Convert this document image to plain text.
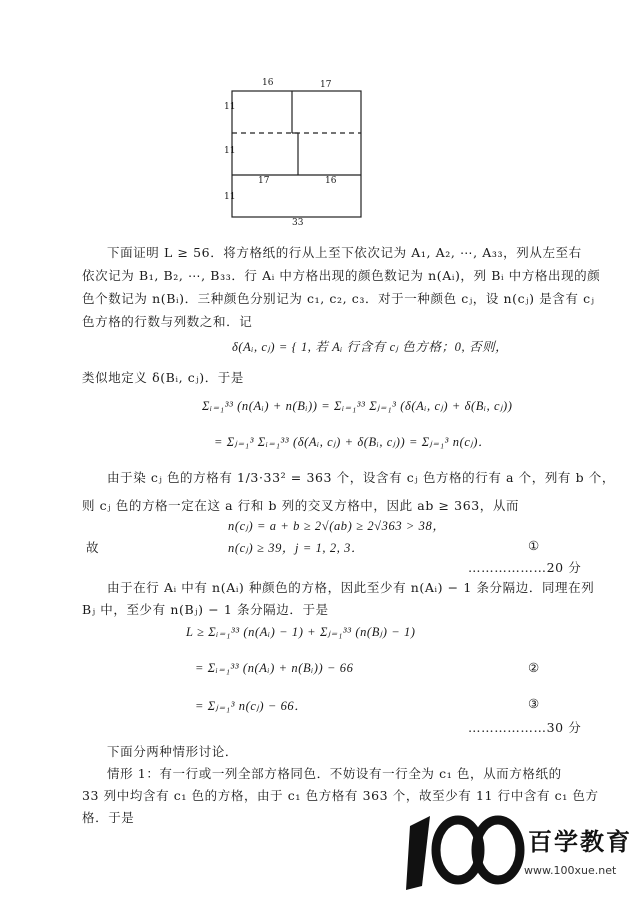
16	17
11
11
11
17	16
33
下面证明 L ≥ 56．将方格纸的行从上至下依次记为 A₁, A₂, ⋯, A₃₃，列从左至右
依次记为 B₁, B₂, ⋯, B₃₃．行 Aᵢ 中方格出现的颜色数记为 n(Aᵢ)，列 Bᵢ 中方格出现的颜
色个数记为 n(Bᵢ)．三种颜色分别记为 c₁, c₂, c₃．对于一种颜色 cⱼ，设 n(cⱼ) 是含有 cⱼ
色方格的行数与列数之和．记
δ(Aᵢ, cⱼ) = { 1, 若 Aᵢ 行含有 cⱼ 色方格；0, 否则，
类似地定义 δ(Bᵢ, cⱼ)．于是
Σᵢ₌₁³³ (n(Aᵢ) + n(Bᵢ)) = Σᵢ₌₁³³ Σⱼ₌₁³ (δ(Aᵢ, cⱼ) + δ(Bᵢ, cⱼ))
= Σⱼ₌₁³ Σᵢ₌₁³³ (δ(Aᵢ, cⱼ) + δ(Bᵢ, cⱼ)) = Σⱼ₌₁³ n(cⱼ)．
由于染 cⱼ 色的方格有 1/3·33² = 363 个，设含有 cⱼ 色方格的行有 a 个，列有 b 个，
则 cⱼ 色的方格一定在这 a 行和 b 列的交叉方格中，因此 ab ≥ 363，从而
n(cⱼ) = a + b ≥ 2√(ab) ≥ 2√363 > 38，
故	n(cⱼ) ≥ 39，j = 1, 2, 3．	①
………………20 分
由于在行 Aᵢ 中有 n(Aᵢ) 种颜色的方格，因此至少有 n(Aᵢ) − 1 条分隔边．同理在列
Bⱼ 中，至少有 n(Bⱼ) − 1 条分隔边．于是
L ≥ Σᵢ₌₁³³ (n(Aᵢ) − 1) + Σⱼ₌₁³³ (n(Bⱼ) − 1)
= Σᵢ₌₁³³ (n(Aᵢ) + n(Bᵢ)) − 66	②
= Σⱼ₌₁³ n(cⱼ) − 66．	③
………………30 分
下面分两种情形讨论．
情形 1：有一行或一列全部方格同色．不妨设有一行全为 c₁ 色，从而方格纸的
33 列中均含有 c₁ 色的方格，由于 c₁ 色方格有 363 个，故至少有 11 行中含有 c₁ 色方
格．于是
百学教育
www.100xue.net
